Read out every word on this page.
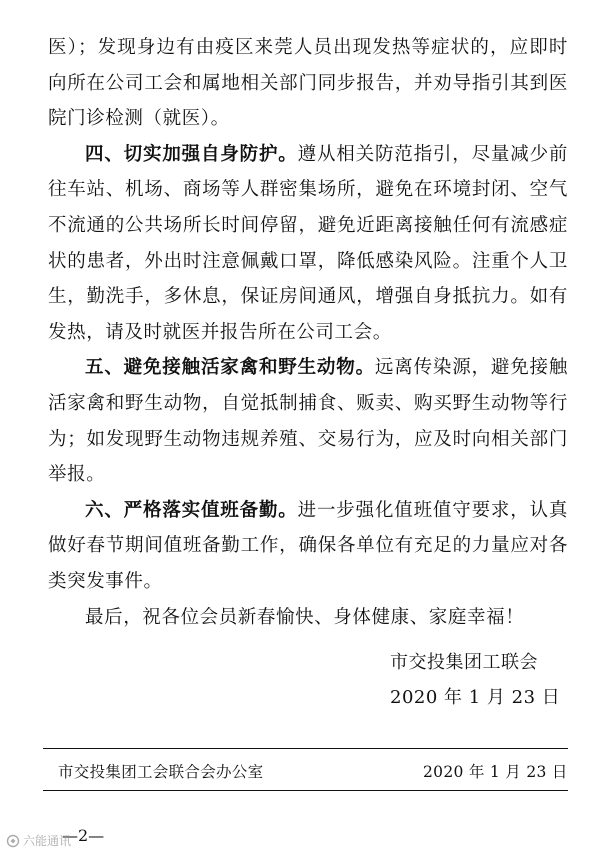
医）；发现身边有由疫区来莞人员出现发热等症状的，应即时向所在公司工会和属地相关部门同步报告，并劝导指引其到医院门诊检测（就医）。

四、切实加强自身防护。遵从相关防范指引，尽量减少前往车站、机场、商场等人群密集场所，避免在环境封闭、空气不流通的公共场所长时间停留，避免近距离接触任何有流感症状的患者，外出时注意佩戴口罩，降低感染风险。注重个人卫生，勤洗手，多休息，保证房间通风，增强自身抵抗力。如有发热，请及时就医并报告所在公司工会。

五、避免接触活家禽和野生动物。远离传染源，避免接触活家禽和野生动物，自觉抵制捕食、贩卖、购买野生动物等行为；如发现野生动物违规养殖、交易行为，应及时向相关部门举报。

六、严格落实值班备勤。进一步强化值班值守要求，认真做好春节期间值班备勤工作，确保各单位有充足的力量应对各类突发事件。

最后，祝各位会员新春愉快、身体健康、家庭幸福！

市交投集团工联会
2020 年 1 月 23 日
市交投集团工会联合会办公室	2020 年 1 月 23 日
—2—
六能通讯
